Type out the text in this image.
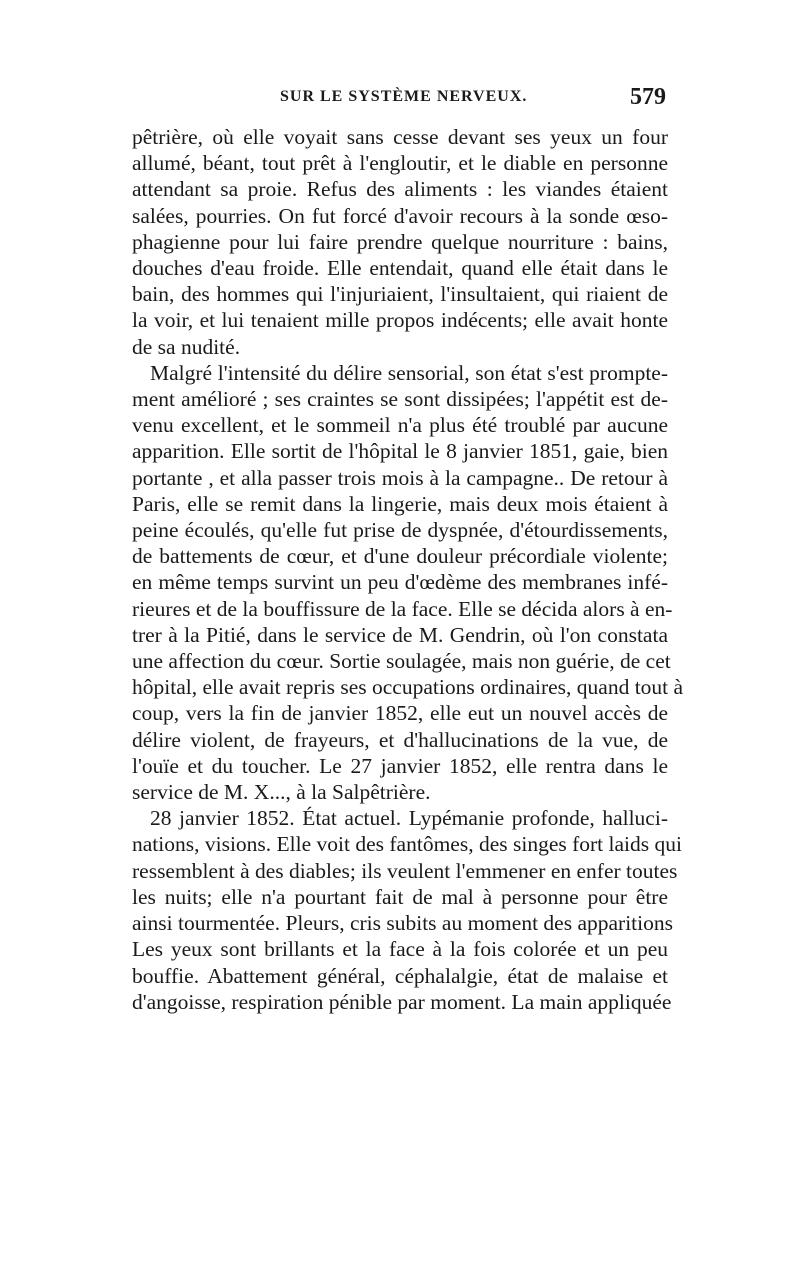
SUR LE SYSTÈME NERVEUX.	579
pêtrière, où elle voyait sans cesse devant ses yeux un four
allumé, béant, tout prêt à l'engloutir, et le diable en personne
attendant sa proie. Refus des aliments : les viandes étaient
salées, pourries. On fut forcé d'avoir recours à la sonde œso-
phagienne pour lui faire prendre quelque nourriture : bains,
douches d'eau froide. Elle entendait, quand elle était dans le
bain, des hommes qui l'injuriaient, l'insultaient, qui riaient de
la voir, et lui tenaient mille propos indécents; elle avait honte
de sa nudité.
Malgré l'intensité du délire sensorial, son état s'est prompte-
ment amélioré ; ses craintes se sont dissipées; l'appétit est de-
venu excellent, et le sommeil n'a plus été troublé par aucune
apparition. Elle sortit de l'hôpital le 8 janvier 1851, gaie, bien
portante , et alla passer trois mois à la campagne.. De retour à
Paris, elle se remit dans la lingerie, mais deux mois étaient à
peine écoulés, qu'elle fut prise de dyspnée, d'étourdissements,
de battements de cœur, et d'une douleur précordiale violente;
en même temps survint un peu d'œdème des membranes infé-
rieures et de la bouffissure de la face. Elle se décida alors à en-
trer à la Pitié, dans le service de M. Gendrin, où l'on constata
une affection du cœur. Sortie soulagée, mais non guérie, de cet
hôpital, elle avait repris ses occupations ordinaires, quand tout à
coup, vers la fin de janvier 1852, elle eut un nouvel accès de
délire violent, de frayeurs, et d'hallucinations de la vue, de
l'ouïe et du toucher. Le 27 janvier 1852, elle rentra dans le
service de M. X..., à la Salpêtrière.
28 janvier 1852. État actuel. Lypémanie profonde, halluci-
nations, visions. Elle voit des fantômes, des singes fort laids qui
ressemblent à des diables; ils veulent l'emmener en enfer toutes
les nuits; elle n'a pourtant fait de mal à personne pour être
ainsi tourmentée. Pleurs, cris subits au moment des apparitions
Les yeux sont brillants et la face à la fois colorée et un peu
bouffie. Abattement général, céphalalgie, état de malaise et
d'angoisse, respiration pénible par moment. La main appliquée
